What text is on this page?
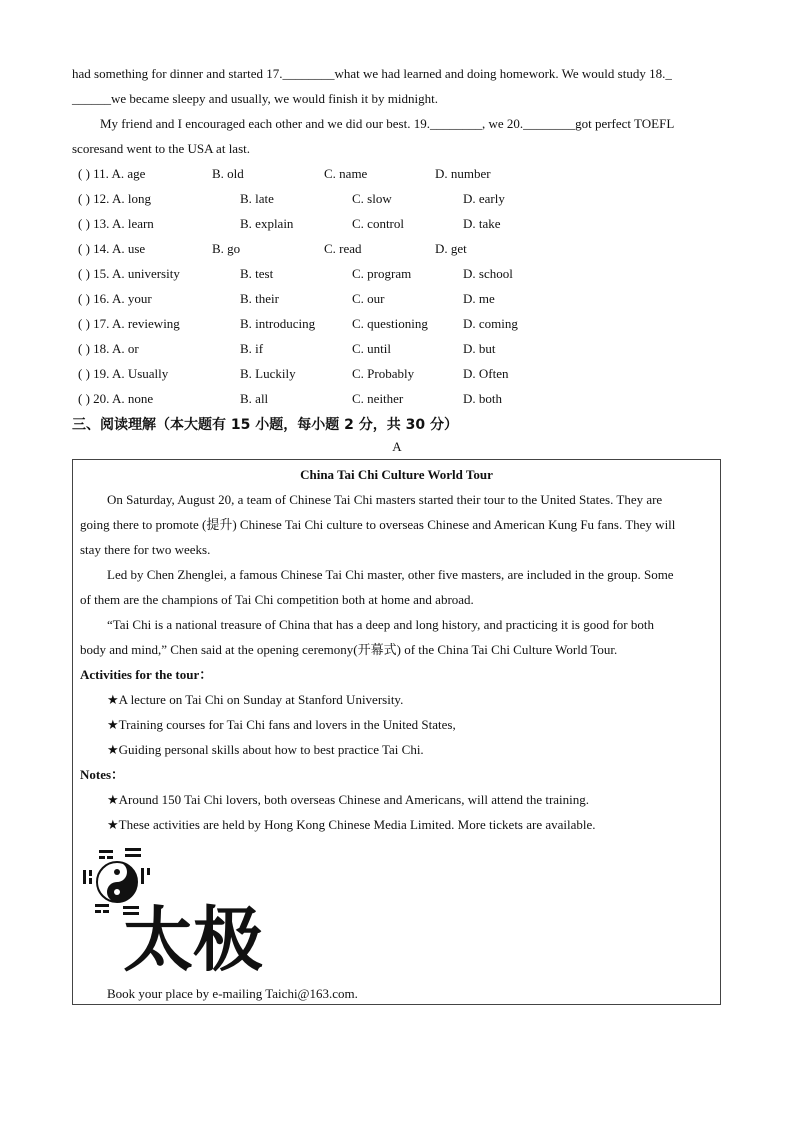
had something for dinner and started 17.________what we had learned and doing homework. We would study 18._
______we became sleepy and usually, we would finish it by midnight.
My friend and I encouraged each other and we did our best. 19.________, we 20.________got perfect TOEFL
scoresand went to the USA at last.
( ) 11. A. age	B. old	C. name	D. number
( ) 12. A. long	B. late	C. slow	D. early
( ) 13. A. learn	B. explain	C. control	D. take
( ) 14. A. use	B. go	C. read	D. get
( ) 15. A. university	B. test	C. program	D. school
( ) 16. A. your	B. their	C. our	D. me
( ) 17. A. reviewing	B. introducing	C. questioning	D. coming
( ) 18. A. or	B. if	C. until	D. but
( ) 19. A. Usually	B. Luckily	C. Probably	D. Often
( ) 20. A. none	B. all	C. neither	D. both
三、阅读理解（本大题有 15 小题，每小题 2 分，共 30 分）
A
China Tai Chi Culture World Tour
On Saturday, August 20, a team of Chinese Tai Chi masters started their tour to the United States. They are
going there to promote (提升) Chinese Tai Chi culture to overseas Chinese and American Kung Fu fans. They will
stay there for two weeks.
Led by Chen Zhenglei, a famous Chinese Tai Chi master, other five masters, are included in the group. Some
of them are the champions of Tai Chi competition both at home and abroad.
“Tai Chi is a national treasure of China that has a deep and long history, and practicing it is good for both
body and mind,” Chen said at the opening ceremony(开幕式) of the China Tai Chi Culture World Tour.
Activities for the tour：
★A lecture on Tai Chi on Sunday at Stanford University.
★Training courses for Tai Chi fans and lovers in the United States,
★Guiding personal skills about how to best practice Tai Chi.
Notes：
★Around 150 Tai Chi lovers, both overseas Chinese and Americans, will attend the training.
★These activities are held by Hong Kong Chinese Media Limited. More tickets are available.
太极
Book your place by e-mailing Taichi@163.com.
